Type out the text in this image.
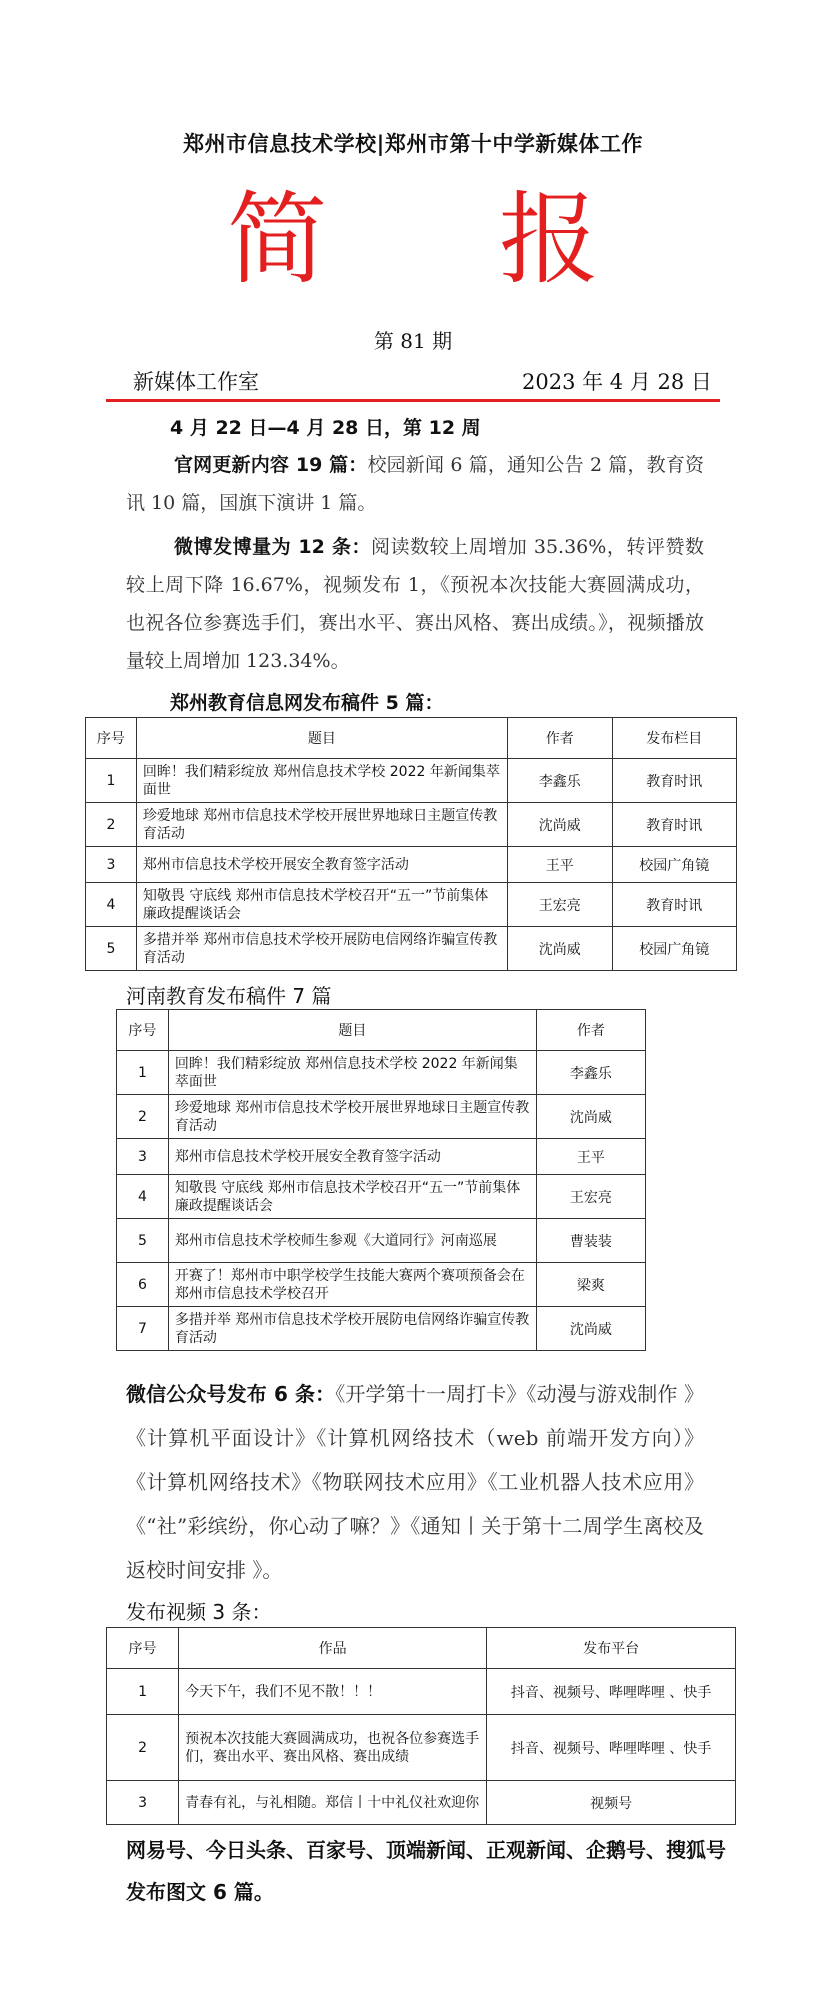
郑州市信息技术学校|郑州市第十中学新媒体工作
简 报
第 81 期
新媒体工作室	2023 年 4 月 28 日
4 月 22 日—4 月 28 日，第 12 周
官网更新内容 19 篇：校园新闻 6 篇，通知公告 2 篇，教育资讯 10 篇，国旗下演讲 1 篇。
微博发博量为 12 条：阅读数较上周增加 35.36%，转评赞数较上周下降 16.67%，视频发布 1，《预祝本次技能大赛圆满成功，也祝各位参赛选手们，赛出水平、赛出风格、赛出成绩。》，视频播放量较上周增加 123.34%。
郑州教育信息网发布稿件 5 篇：
序号	题目	作者	发布栏目
1	回眸！我们精彩绽放 郑州信息技术学校 2022 年新闻集萃面世	李鑫乐	教育时讯
2	珍爱地球 郑州市信息技术学校开展世界地球日主题宣传教育活动	沈尚威	教育时讯
3	郑州市信息技术学校开展安全教育签字活动	王平	校园广角镜
4	知敬畏 守底线 郑州市信息技术学校召开“五一”节前集体廉政提醒谈话会	王宏亮	教育时讯
5	多措并举 郑州市信息技术学校开展防电信网络诈骗宣传教育活动	沈尚威	校园广角镜
河南教育发布稿件 7 篇
序号	题目	作者
1	回眸！我们精彩绽放 郑州信息技术学校 2022 年新闻集萃面世	李鑫乐
2	珍爱地球 郑州市信息技术学校开展世界地球日主题宣传教育活动	沈尚威
3	郑州市信息技术学校开展安全教育签字活动	王平
4	知敬畏 守底线 郑州市信息技术学校召开“五一”节前集体廉政提醒谈话会	王宏亮
5	郑州市信息技术学校师生参观《大道同行》河南巡展	曹装装
6	开赛了！郑州市中职学校学生技能大赛两个赛项预备会在郑州市信息技术学校召开	梁爽
7	多措并举 郑州市信息技术学校开展防电信网络诈骗宣传教育活动	沈尚威
微信公众号发布 6 条：《开学第十一周打卡》《动漫与游戏制作 》《计算机平面设计》《计算机网络技术（web 前端开发方向）》《计算机网络技术》《物联网技术应用》《工业机器人技术应用》《“社”彩缤纷，你心动了嘛？》《通知丨关于第十二周学生离校及返校时间安排 》。
发布视频 3 条：
序号	作品	发布平台
1	今天下午，我们不见不散！！！	抖音、视频号、哔哩哔哩 、快手
2	预祝本次技能大赛圆满成功，也祝各位参赛选手们，赛出水平、赛出风格、赛出成绩	抖音、视频号、哔哩哔哩 、快手
3	青春有礼，与礼相随。郑信丨十中礼仪社欢迎你	视频号
网易号、今日头条、百家号、顶端新闻、正观新闻、企鹅号、搜狐号发布图文 6 篇。
